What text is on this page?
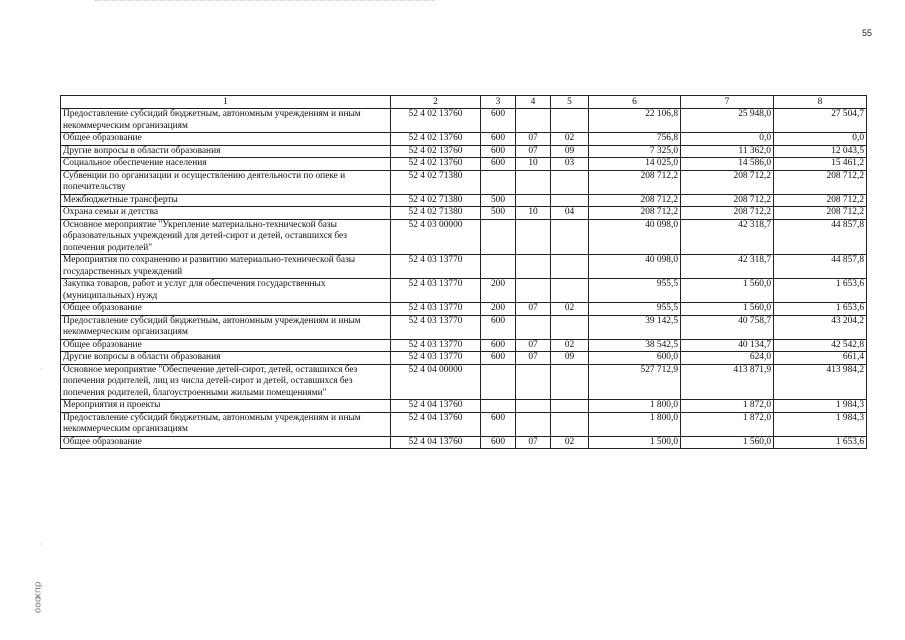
55
хпр
ооо
·
·
1	2	3	4	5	6	7	8
Предоставление субсидий бюджетным, автономным учреждениям и иным некоммерческим организациям	52 4 02 13760	600			22 106,8	25 948,0	27 504,7
Общее образование	52 4 02 13760	600	07	02	756,8	0,0	0,0
Другие вопросы в области образования	52 4 02 13760	600	07	09	7 325,0	11 362,0	12 043,5
Социальное обеспечение населения	52 4 02 13760	600	10	03	14 025,0	14 586,0	15 461,2
Субвенции по организации и осуществлению деятельности по опеке и попечительству	52 4 02 71380				208 712,2	208 712,2	208 712,2
Межбюджетные трансферты	52 4 02 71380	500			208 712,2	208 712,2	208 712,2
Охрана семьи и детства	52 4 02 71380	500	10	04	208 712,2	208 712,2	208 712,2
Основное мероприятие "Укрепление материально-технической базы образовательных учреждений для детей-сирот и детей, оставшихся без попечения родителей"	52 4 03 00000				40 098,0	42 318,7	44 857,8
Мероприятия по сохранению и развитию материально-технической базы государственных учреждений	52 4 03 13770				40 098,0	42 318,7	44 857,8
Закупка товаров, работ и услуг для обеспечения государственных (муниципальных) нужд	52 4 03 13770	200			955,5	1 560,0	1 653,6
Общее образование	52 4 03 13770	200	07	02	955,5	1 560,0	1 653,6
Предоставление субсидий бюджетным, автономным учреждениям и иным некоммерческим организациям	52 4 03 13770	600			39 142,5	40 758,7	43 204,2
Общее образование	52 4 03 13770	600	07	02	38 542,5	40 134,7	42 542,8
Другие вопросы в области образования	52 4 03 13770	600	07	09	600,0	624,0	661,4
Основное мероприятие "Обеспечение детей-сирот, детей, оставшихся без попечения родителей, лиц из числа детей-сирот и детей, оставшихся без попечения родителей, благоустроенными жилыми помещениями"	52 4 04 00000				527 712,9	413 871,9	413 984,2
Мероприятия и проекты	52 4 04 13760				1 800,0	1 872,0	1 984,3
Предоставление субсидий бюджетным, автономным учреждениям и иным некоммерческим организациям	52 4 04 13760	600			1 800,0	1 872,0	1 984,3
Общее образование	52 4 04 13760	600	07	02	1 500,0	1 560,0	1 653,6
